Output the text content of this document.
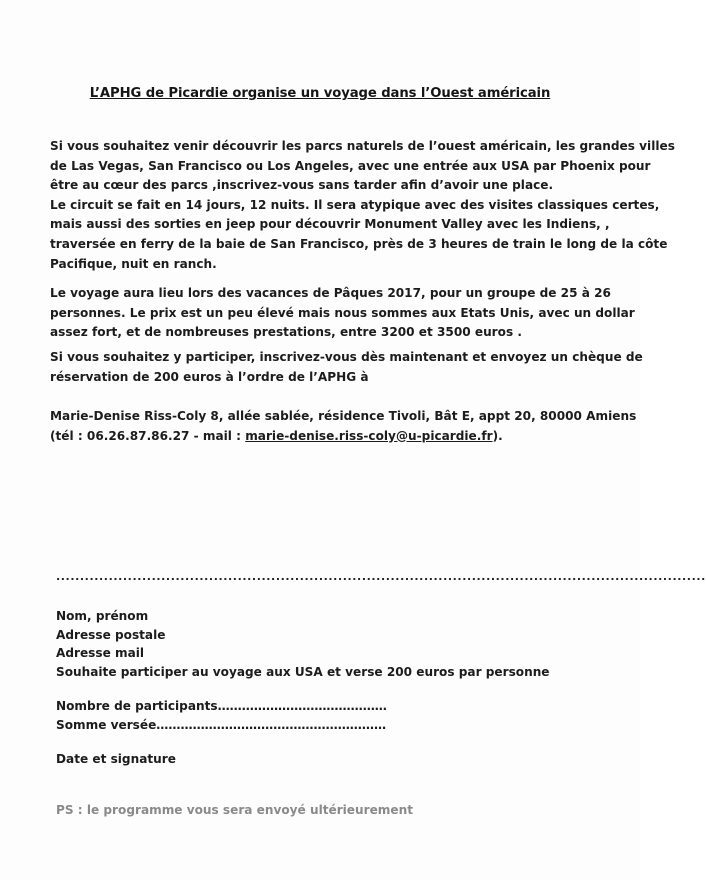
L’APHG de Picardie organise un voyage dans l’Ouest américain
Si vous souhaitez venir découvrir les parcs naturels de l’ouest américain, les grandes villes
de Las Vegas, San Francisco ou Los Angeles, avec une entrée aux USA par Phoenix pour
être au cœur des parcs ,inscrivez-vous sans tarder afin d’avoir une place.
Le circuit se fait en 14 jours, 12 nuits. Il sera atypique avec des visites classiques certes,
mais aussi des sorties en jeep pour découvrir Monument Valley avec les Indiens, ,
traversée en ferry de la baie de San Francisco, près de 3 heures de train le long de la côte
Pacifique, nuit en ranch.
Le voyage aura lieu lors des vacances de Pâques 2017, pour un groupe de 25 à 26
personnes. Le prix est un peu élevé mais nous sommes aux Etats Unis, avec un dollar
assez fort, et de nombreuses prestations, entre 3200 et 3500 euros .
Si vous souhaitez y participer, inscrivez-vous dès maintenant et envoyez un chèque de
réservation de 200 euros à l’ordre de l’APHG à
Marie-Denise Riss-Coly 8, allée sablée, résidence Tivoli, Bât E, appt 20, 80000 Amiens
(tél : 06.26.87.86.27 - mail : marie-denise.riss-coly@u-picardie.fr).
........................................................................................................................................
Nom, prénom
Adresse postale
Adresse mail
Souhaite participer au voyage aux USA et verse 200 euros par personne
Nombre de participants……………………………………
Somme versée…………………………………………………
Date et signature
PS : le programme vous sera envoyé ultérieurement
